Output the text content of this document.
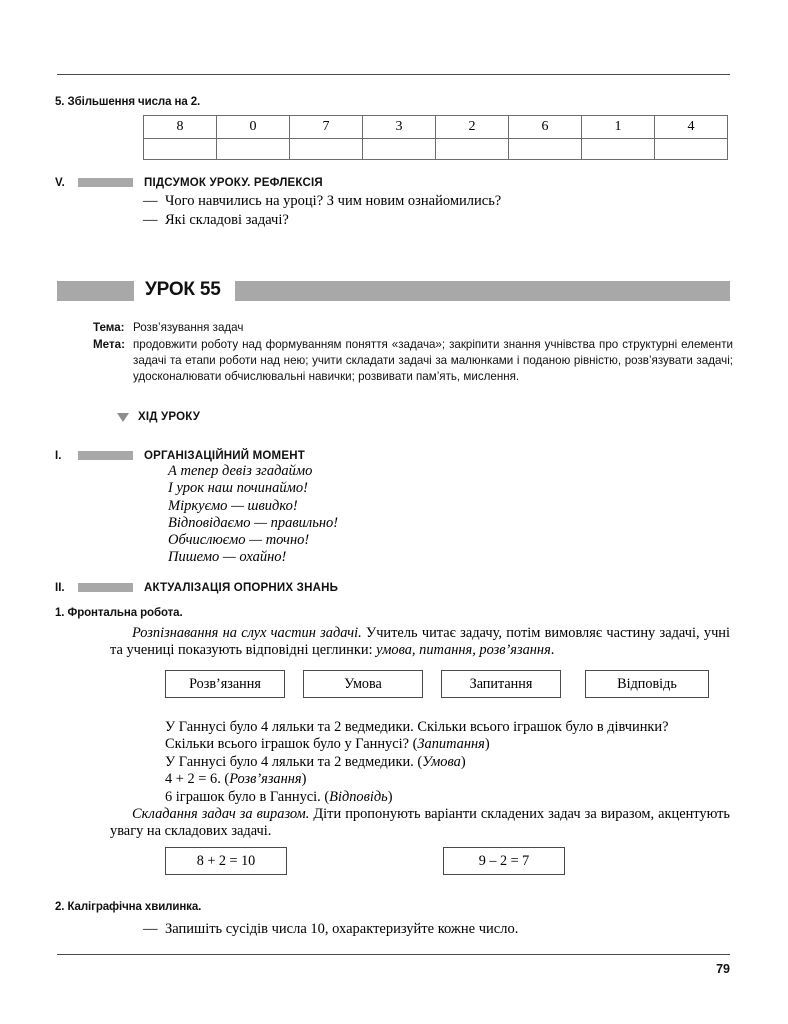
5. Збільшення числа на 2.
8	0	7	3	2	6	1	4

V.	ПІДСУМОК УРОКУ. РЕФЛЕКСІЯ
— Чого навчились на уроці? З чим новим ознайомились?
— Які складові задачі?
УРОК 55
Тема: Розв’язування задач
Мета: продовжити роботу над формуванням поняття «задача»; закріпити знання учнівства про структурні елементи задачі та етапи роботи над нею; учити складати задачі за малюнками і поданою рівністю, розв’язувати задачі; удосконалювати обчислювальні навички; розвивати пам’ять, мислення.
ХІД УРОКУ
I.	ОРГАНІЗАЦІЙНИЙ МОМЕНТ
А тепер девіз згадаймо
І урок наш починаймо!
Міркуємо — швидко!
Відповідаємо — правильно!
Обчислюємо — точно!
Пишемо — охайно!
II.	АКТУАЛІЗАЦІЯ ОПОРНИХ ЗНАНЬ
1. Фронтальна робота.
Розпізнавання на слух частин задачі. Учитель читає задачу, потім вимовляє частину задачі, учні та учениці показують відповідні цеглинки: умова, питання, розв’язання.
Розв’язання	Умова	Запитання	Відповідь
У Ганнусі було 4 ляльки та 2 ведмедики. Скільки всього іграшок було в дівчинки?
Скільки всього іграшок було у Ганнусі? (Запитання)
У Ганнусі було 4 ляльки та 2 ведмедики. (Умова)
4 + 2 = 6. (Розв’язання)
6 іграшок було в Ганнусі. (Відповідь)
Складання задач за виразом. Діти пропонують варіанти складених задач за виразом, акцентують увагу на складових задачі.
8 + 2 = 10	9 – 2 = 7
2. Каліграфічна хвилинка.
— Запишіть сусідів числа 10, охарактеризуйте кожне число.
79
